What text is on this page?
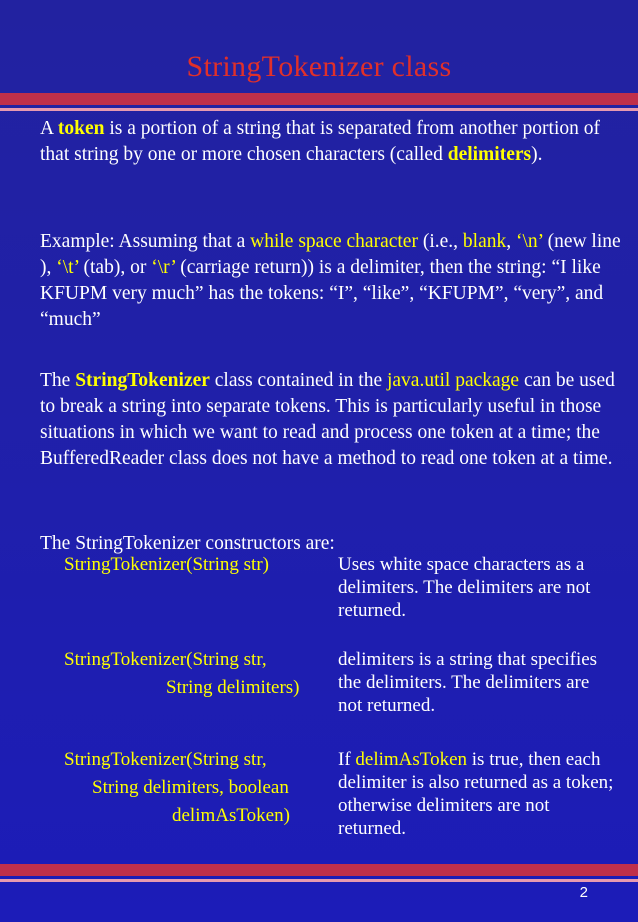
StringTokenizer class
A token is a portion of a string that is separated from another portion of that string by one or more chosen characters (called delimiters).
Example: Assuming that a while space character (i.e., blank, ‘\n’ (new line ), ‘\t’ (tab), or ‘\r’ (carriage return)) is a delimiter, then the string: “I like KFUPM very much” has the tokens: “I”, “like”, “KFUPM”, “very”, and “much”
The StringTokenizer class contained in the java.util package can be used to break a string into separate tokens. This is particularly useful in those situations in which we want to read and process one token at a time; the BufferedReader class does not have a method to read one token at a time.
The StringTokenizer constructors are:
StringTokenizer(String str)	Uses white space characters as a delimiters. The delimiters are not returned.
StringTokenizer(String str,
String delimiters)
delimiters is a string that specifies the delimiters. The delimiters are not returned.
StringTokenizer(String str,
String delimiters, boolean
delimAsToken)
If delimAsToken is true, then each delimiter is also returned as a token; otherwise delimiters are not returned.
2
